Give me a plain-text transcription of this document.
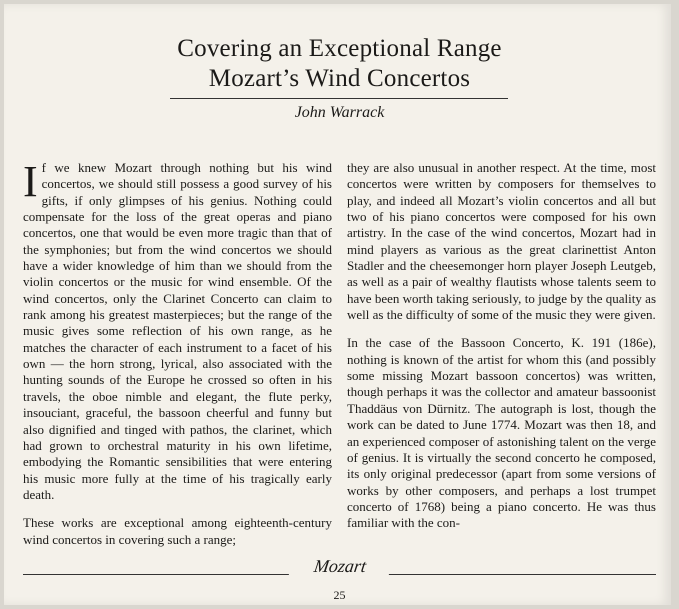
Covering an Exceptional Range
Mozart’s Wind Concertos
John Warrack

If we knew Mozart through nothing but his wind concertos, we should still possess a good survey of his gifts, if only glimpses of his genius. Nothing could compensate for the loss of the great operas and piano concertos, one that would be even more tragic than that of the symphonies; but from the wind concertos we should have a wider knowledge of him than we should from the violin concertos or the music for wind ensemble. Of the wind concertos, only the Clarinet Concerto can claim to rank among his greatest masterpieces; but the range of the music gives some reflection of his own range, as he matches the character of each instrument to a facet of his own — the horn strong, lyrical, also associated with the hunting sounds of the Europe he crossed so often in his travels, the oboe nimble and elegant, the flute perky, insouciant, graceful, the bassoon cheerful and funny but also dignified and tinged with pathos, the clarinet, which had grown to orchestral maturity in his own lifetime, embodying the Romantic sensibilities that were entering his music more fully at the time of his tragically early death.

These works are exceptional among eighteenth-century wind concertos in covering such a range;

they are also unusual in another respect. At the time, most concertos were written by composers for themselves to play, and indeed all Mozart’s violin concertos and all but two of his piano concertos were composed for his own artistry. In the case of the wind concertos, Mozart had in mind players as various as the great clarinettist Anton Stadler and the cheesemonger horn player Joseph Leutgeb, as well as a pair of wealthy flautists whose talents seem to have been worth taking seriously, to judge by the quality as well as the difficulty of some of the music they were given.

In the case of the Bassoon Concerto, K. 191 (186e), nothing is known of the artist for whom this (and possibly some missing Mozart bassoon concertos) was written, though perhaps it was the collector and amateur bassoonist Thaddäus von Dürnitz. The autograph is lost, though the work can be dated to June 1774. Mozart was then 18, and an experienced composer of astonishing talent on the verge of genius. It is virtually the second concerto he composed, its only original predecessor (apart from some versions of works by other composers, and perhaps a lost trumpet concerto of 1768) being a piano concerto. He was thus familiar with the con-

Mozart
25
